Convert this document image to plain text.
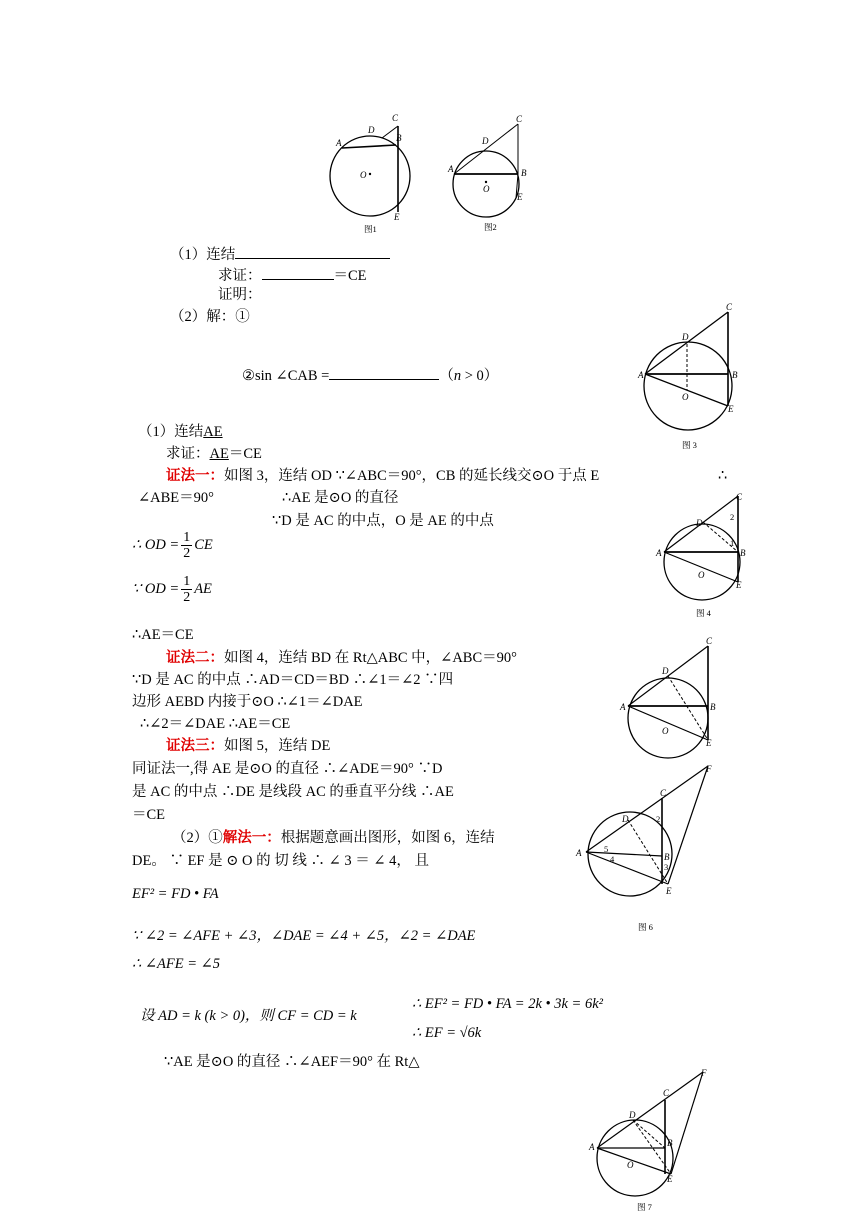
A
D
C
B
O
E
图1
A
D
C
B
O
E
图2
（1）连结
求证：	＝CE
证明：
（2）解：①
②sin ∠CAB =	（n > 0）	A
D
C
B
O
E
图 3
（1）连结AE
求证：AE＝CE
证法一：如图 3，连结 OD ∵∠ABC＝90°，CB 的延长线交⊙O 于点 E	∴
∠ABE＝90°	∴AE 是⊙O 的直径
∵D 是 AC 的中点，O 是 AE 的中点
∴ OD = $\frac{1}{2}$ CE
∵ OD = $\frac{1}{2}$ AE
∴AE＝CE
A
D
C
B
O
E
2
1
图 4
证法二：如图 4，连结 BD 在 Rt△ABC 中，∠ABC＝90°
∵D 是 AC 的中点 ∴AD＝CD＝BD ∴∠1＝∠2 ∵四
边形 AEBD 内接于⊙O ∴∠1＝∠DAE
∴∠2＝∠DAE ∴AE＝CE
A
D
C
B
O
E
证法三：如图 5，连结 DE
同证法一,得 AE 是⊙O 的直径 ∴∠ADE＝90° ∵D
是 AC 的中点 ∴DE 是线段 AC 的垂直平分线 ∴AE
＝CE
（2）①解法一：根据题意画出图形，如图 6，连结
DE。 ∵ EF 是 ⊙ O 的 切 线 ∴ ∠ 3 ＝ ∠ 4， 且	A
D
C
B
E
F
2
3
4
5
图 6
EF² = FD • FA
∵ ∠2 = ∠AFE + ∠3，∠DAE = ∠4 + ∠5，∠2 = ∠DAE
∴ ∠AFE = ∠5
设 AD = k (k > 0)，则 CF = CD = k
∴ EF² = FD • FA = 2k • 3k = 6k²
∴ EF = √6k
∵AE 是⊙O 的直径 ∴∠AEF＝90° 在 Rt△
A
D
C
B
O
E
F
图 7
